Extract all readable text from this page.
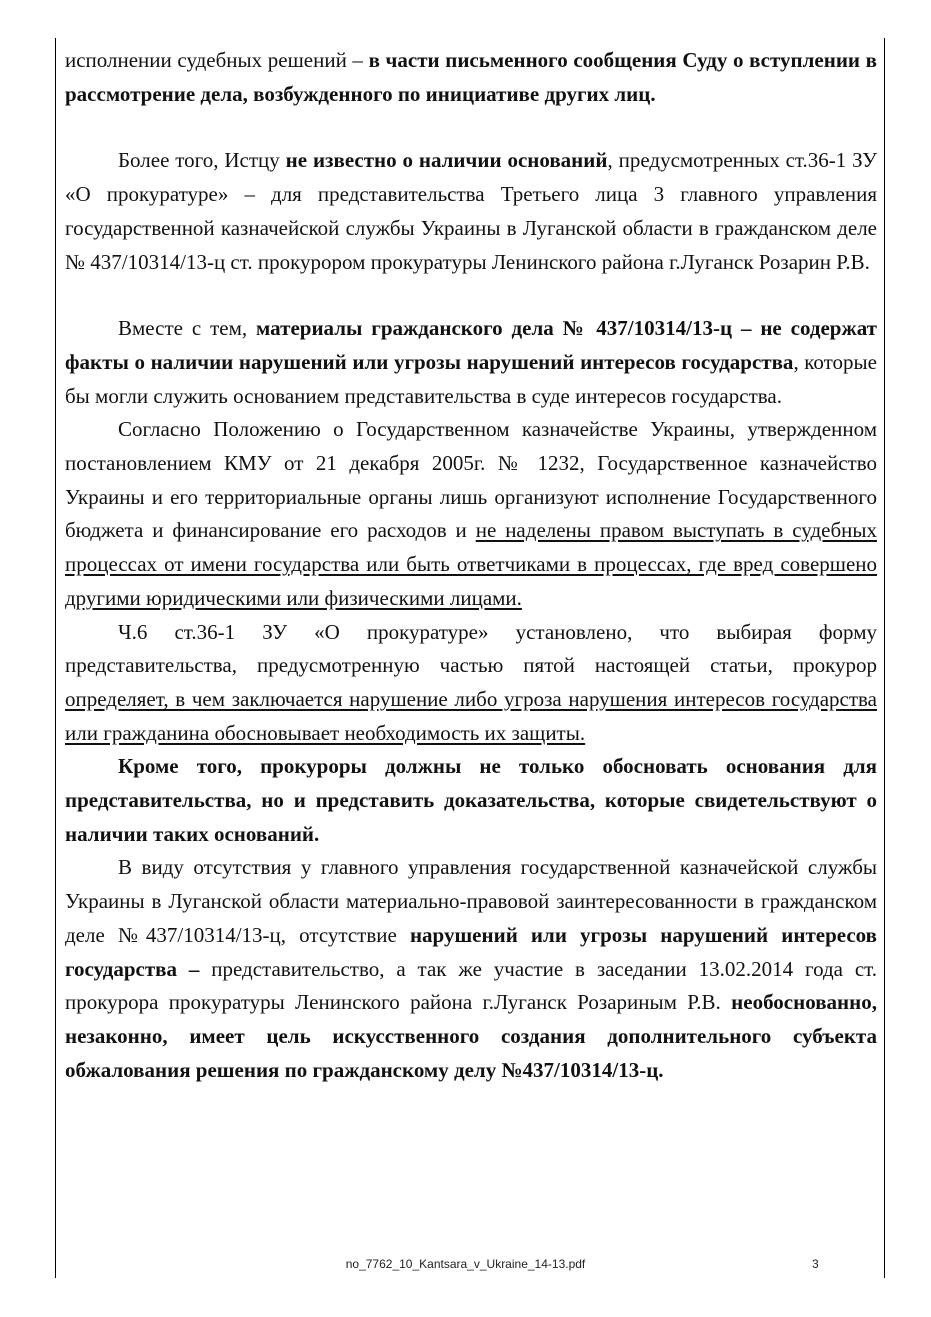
исполнении судебных решений – в части письменного сообщения Суду о вступлении в рассмотрение дела, возбужденного по инициативе других лиц.

Более того, Истцу не известно о наличии оснований, предусмотренных ст.36-1 ЗУ «О прокуратуре» – для представительства Третьего лица 3 главного управления государственной казначейской службы Украины в Луганской области в гражданском деле № 437/10314/13-ц ст. прокурором прокуратуры Ленинского района г.Луганск Розарин Р.В.

Вместе с тем, материалы гражданского дела № 437/10314/13-ц – не содержат факты о наличии нарушений или угрозы нарушений интересов государства, которые бы могли служить основанием представительства в суде интересов государства.

Согласно Положению о Государственном казначействе Украины, утвержденном постановлением КМУ от 21 декабря 2005г. № 1232, Государственное казначейство Украины и его территориальные органы лишь организуют исполнение Государственного бюджета и финансирование его расходов и не наделены правом выступать в судебных процессах от имени государства или быть ответчиками в процессах, где вред совершено другими юридическими или физическими лицами.

Ч.6 ст.36-1 ЗУ «О прокуратуре» установлено, что выбирая форму представительства, предусмотренную частью пятой настоящей статьи, прокурор определяет, в чем заключается нарушение либо угроза нарушения интересов государства или гражданина обосновывает необходимость их защиты.

Кроме того, прокуроры должны не только обосновать основания для представительства, но и представить доказательства, которые свидетельствуют о наличии таких оснований.

В виду отсутствия у главного управления государственной казначейской службы Украины в Луганской области материально-правовой заинтересованности в гражданском деле №437/10314/13-ц, отсутствие нарушений или угрозы нарушений интересов государства – представительство, а так же участие в заседании 13.02.2014 года ст. прокурора прокуратуры Ленинского района г.Луганск Розариным Р.В. необоснованно, незаконно, имеет цель искусственного создания дополнительного субъекта обжалования решения по гражданскому делу №437/10314/13-ц.

no_7762_10_Kantsara_v_Ukraine_14-13.pdf	3
